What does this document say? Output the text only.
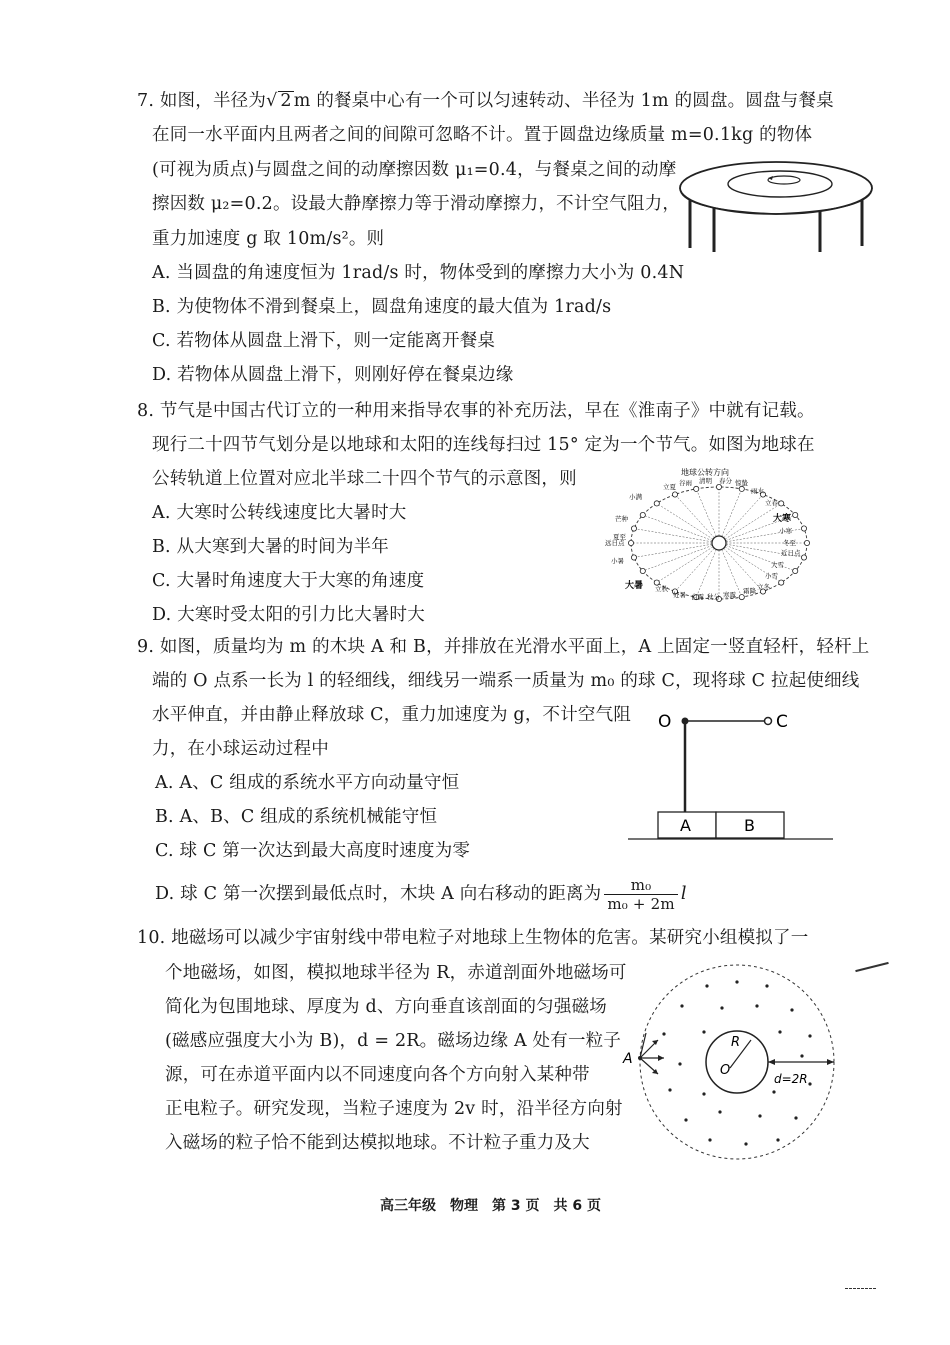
7. 如图，半径为√ 2 m 的餐桌中心有一个可以匀速转动、半径为 1m 的圆盘。圆盘与餐桌
在同一水平面内且两者之间的间隙可忽略不计。置于圆盘边缘质量 m=0.1kg 的物体
(可视为质点)与圆盘之间的动摩擦因数 μ₁=0.4，与餐桌之间的动摩
擦因数 μ₂=0.2。设最大静摩擦力等于滑动摩擦力，不计空气阻力，
重力加速度 g 取 10m/s²。则
A. 当圆盘的角速度恒为 1rad/s 时，物体受到的摩擦力大小为 0.4N
B. 为使物体不滑到餐桌上，圆盘角速度的最大值为 1rad/s
C. 若物体从圆盘上滑下，则一定能离开餐桌
D. 若物体从圆盘上滑下，则刚好停在餐桌边缘
8. 节气是中国古代订立的一种用来指导农事的补充历法，早在《淮南子》中就有记载。
现行二十四节气划分是以地球和太阳的连线每扫过 15° 定为一个节气。如图为地球在
公转轨道上位置对应北半球二十四个节气的示意图，则
A. 大寒时公转线速度比大暑时大
B. 从大寒到大暑的时间为半年
C. 大暑时角速度大于大寒的角速度
D. 大寒时受太阳的引力比大暑时大
地球公转方向
立夏 谷雨 清明 春分 惊蛰
雨水
立春
大寒
小寒
冬至
近日点
大雪
小雪
立冬
霜降
寒露
秋分
白露
处暑
立秋
大暑
小暑
夏至
远日点
芒种
小满
9. 如图，质量均为 m 的木块 A 和 B，并排放在光滑水平面上，A 上固定一竖直轻杆，轻杆上
端的 O 点系一长为 l 的轻细线，细线另一端系一质量为 m₀ 的球 C，现将球 C 拉起使细线
水平伸直，并由静止释放球 C，重力加速度为 g，不计空气阻
力，在小球运动过程中
A. A、C 组成的系统水平方向动量守恒
B. A、B、C 组成的系统机械能守恒
C. 球 C 第一次达到最大高度时速度为零
D. 球 C 第一次摆到最低点时，木块 A 向右移动的距离为 $\frac{\text{m₀}}{\text{m₀ + 2m}}$ l
O	C
A	B
10. 地磁场可以减少宇宙射线中带电粒子对地球上生物体的危害。某研究小组模拟了一
个地磁场，如图，模拟地球半径为 R，赤道剖面外地磁场可
简化为包围地球、厚度为 d、方向垂直该剖面的匀强磁场
(磁感应强度大小为 B)，d = 2R。磁场边缘 A 处有一粒子
源，可在赤道平面内以不同速度向各个方向射入某种带
正电粒子。研究发现，当粒子速度为 2v 时，沿半径方向射
入磁场的粒子恰不能到达模拟地球。不计粒子重力及大
R
O
d=2R
A
高三年级　物理　第 3 页　共 6 页
